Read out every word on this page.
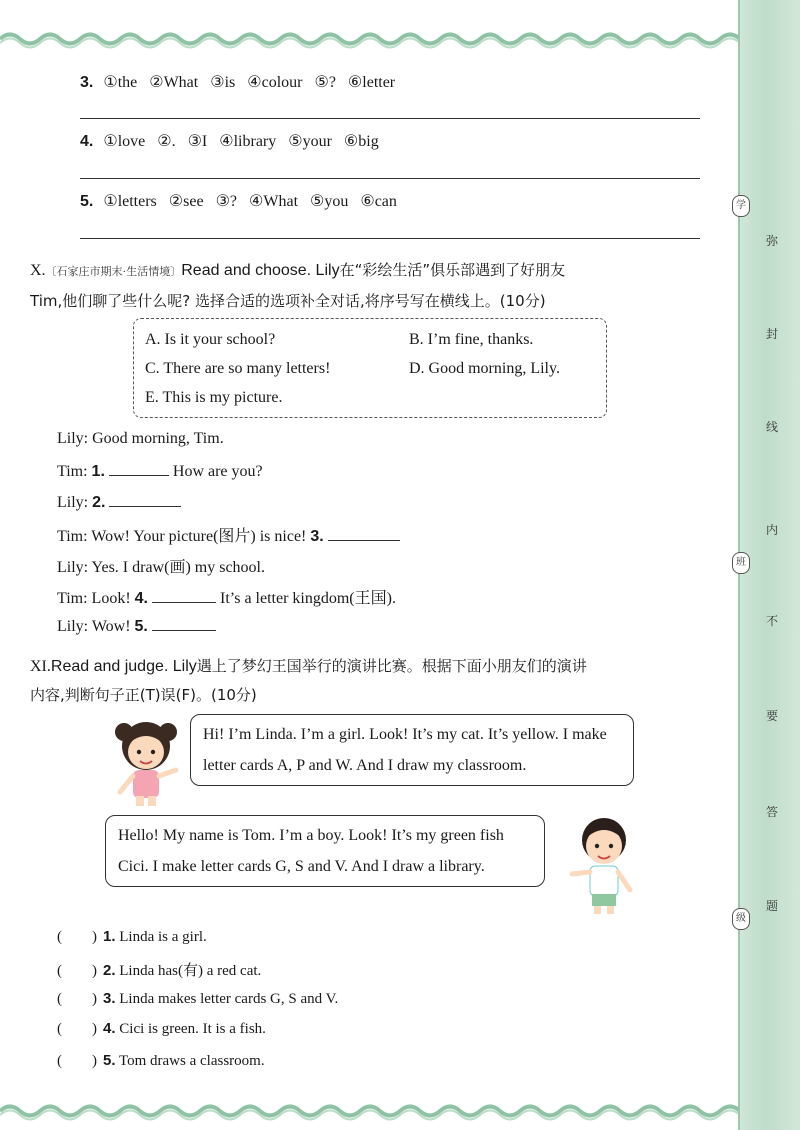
学
弥
封
线
内
班
不
要
答
题
级
3. ①the ②What ③is ④colour ⑤? ⑥letter
4. ①love ②. ③I ④library ⑤your ⑥big
5. ①letters ②see ③? ④What ⑤you ⑥can
X.〔石家庄市期末·生活情境〕Read and choose. Lily在“彩绘生活”俱乐部遇到了好朋友
Tim,他们聊了些什么呢? 选择合适的选项补全对话,将序号写在横线上。(10分)
A. Is it your school?	B. I’m fine, thanks.
C. There are so many letters!	D. Good morning, Lily.
E. This is my picture.
Lily: Good morning, Tim.
Tim: 1.	How are you?
Lily: 2.
Tim: Wow! Your picture(图片) is nice! 3.
Lily: Yes. I draw(画) my school.
Tim: Look! 4.	It’s a letter kingdom(王国).
Lily: Wow! 5.
XI.Read and judge. Lily遇上了梦幻王国举行的演讲比赛。根据下面小朋友们的演讲
内容,判断句子正(T)误(F)。(10分)
Hi! I’m Linda. I’m a girl. Look! It’s my cat. It’s yellow. I make letter cards A, P and W. And I draw my classroom.
Hello! My name is Tom. I’m a boy. Look! It’s my green fish Cici. I make letter cards G, S and V. And I draw a library.
(        ) 1. Linda is a girl.
(        ) 2. Linda has(有) a red cat.
(        ) 3. Linda makes letter cards G, S and V.
(        ) 4. Cici is green. It is a fish.
(        ) 5. Tom draws a classroom.
